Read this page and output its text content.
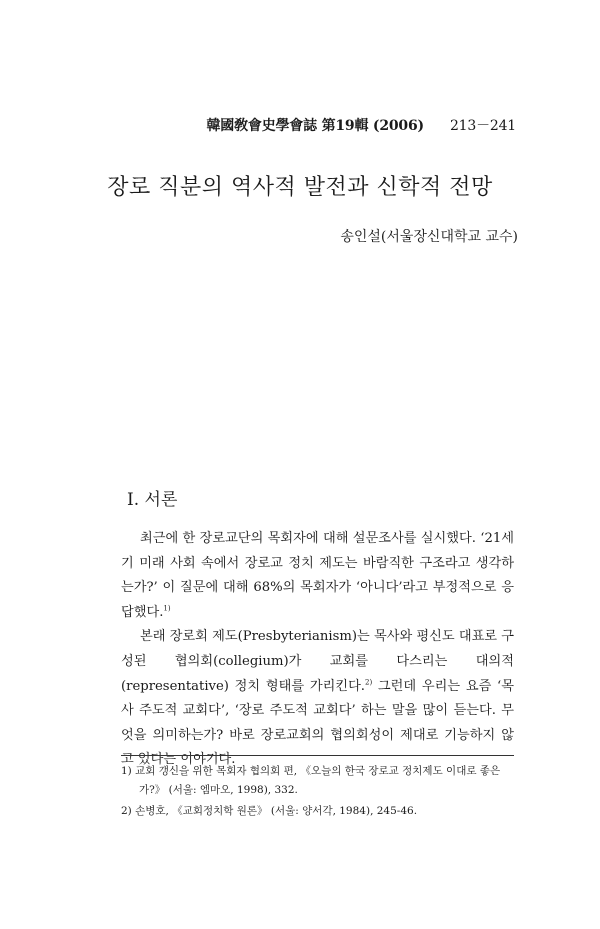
韓國敎會史學會誌 第19輯 (2006) 213－241
장로 직분의 역사적 발전과 신학적 전망
송인설(서울장신대학교 교수)
I. 서론

최근에 한 장로교단의 목회자에 대해 설문조사를 실시했다. ‘21세기 미래 사회 속에서 장로교 정치 제도는 바람직한 구조라고 생각하는가?’ 이 질문에 대해 68%의 목회자가 ‘아니다’라고 부정적으로 응답했다.$^{1)}$

본래 장로회 제도(Presbyterianism)는 목사와 평신도 대표로 구성된 협의회(collegium)가 교회를 다스리는 대의적(representative) 정치 형태를 가리킨다.$^{2)}$ 그런데 우리는 요즘 ‘목사 주도적 교회다’, ‘장로 주도적 교회다’ 하는 말을 많이 듣는다. 무엇을 의미하는가? 바로 장로교회의 협의회성이 제대로 기능하지 않고 있다는 이야기다.

1) 교회 갱신을 위한 목회자 협의회 편, 《오늘의 한국 장로교 정치제도 이대로 좋은가?》 (서울: 엠마오, 1998), 332.

2) 손병호, 《교회정치학 원론》 (서울: 양서각, 1984), 245-46.
